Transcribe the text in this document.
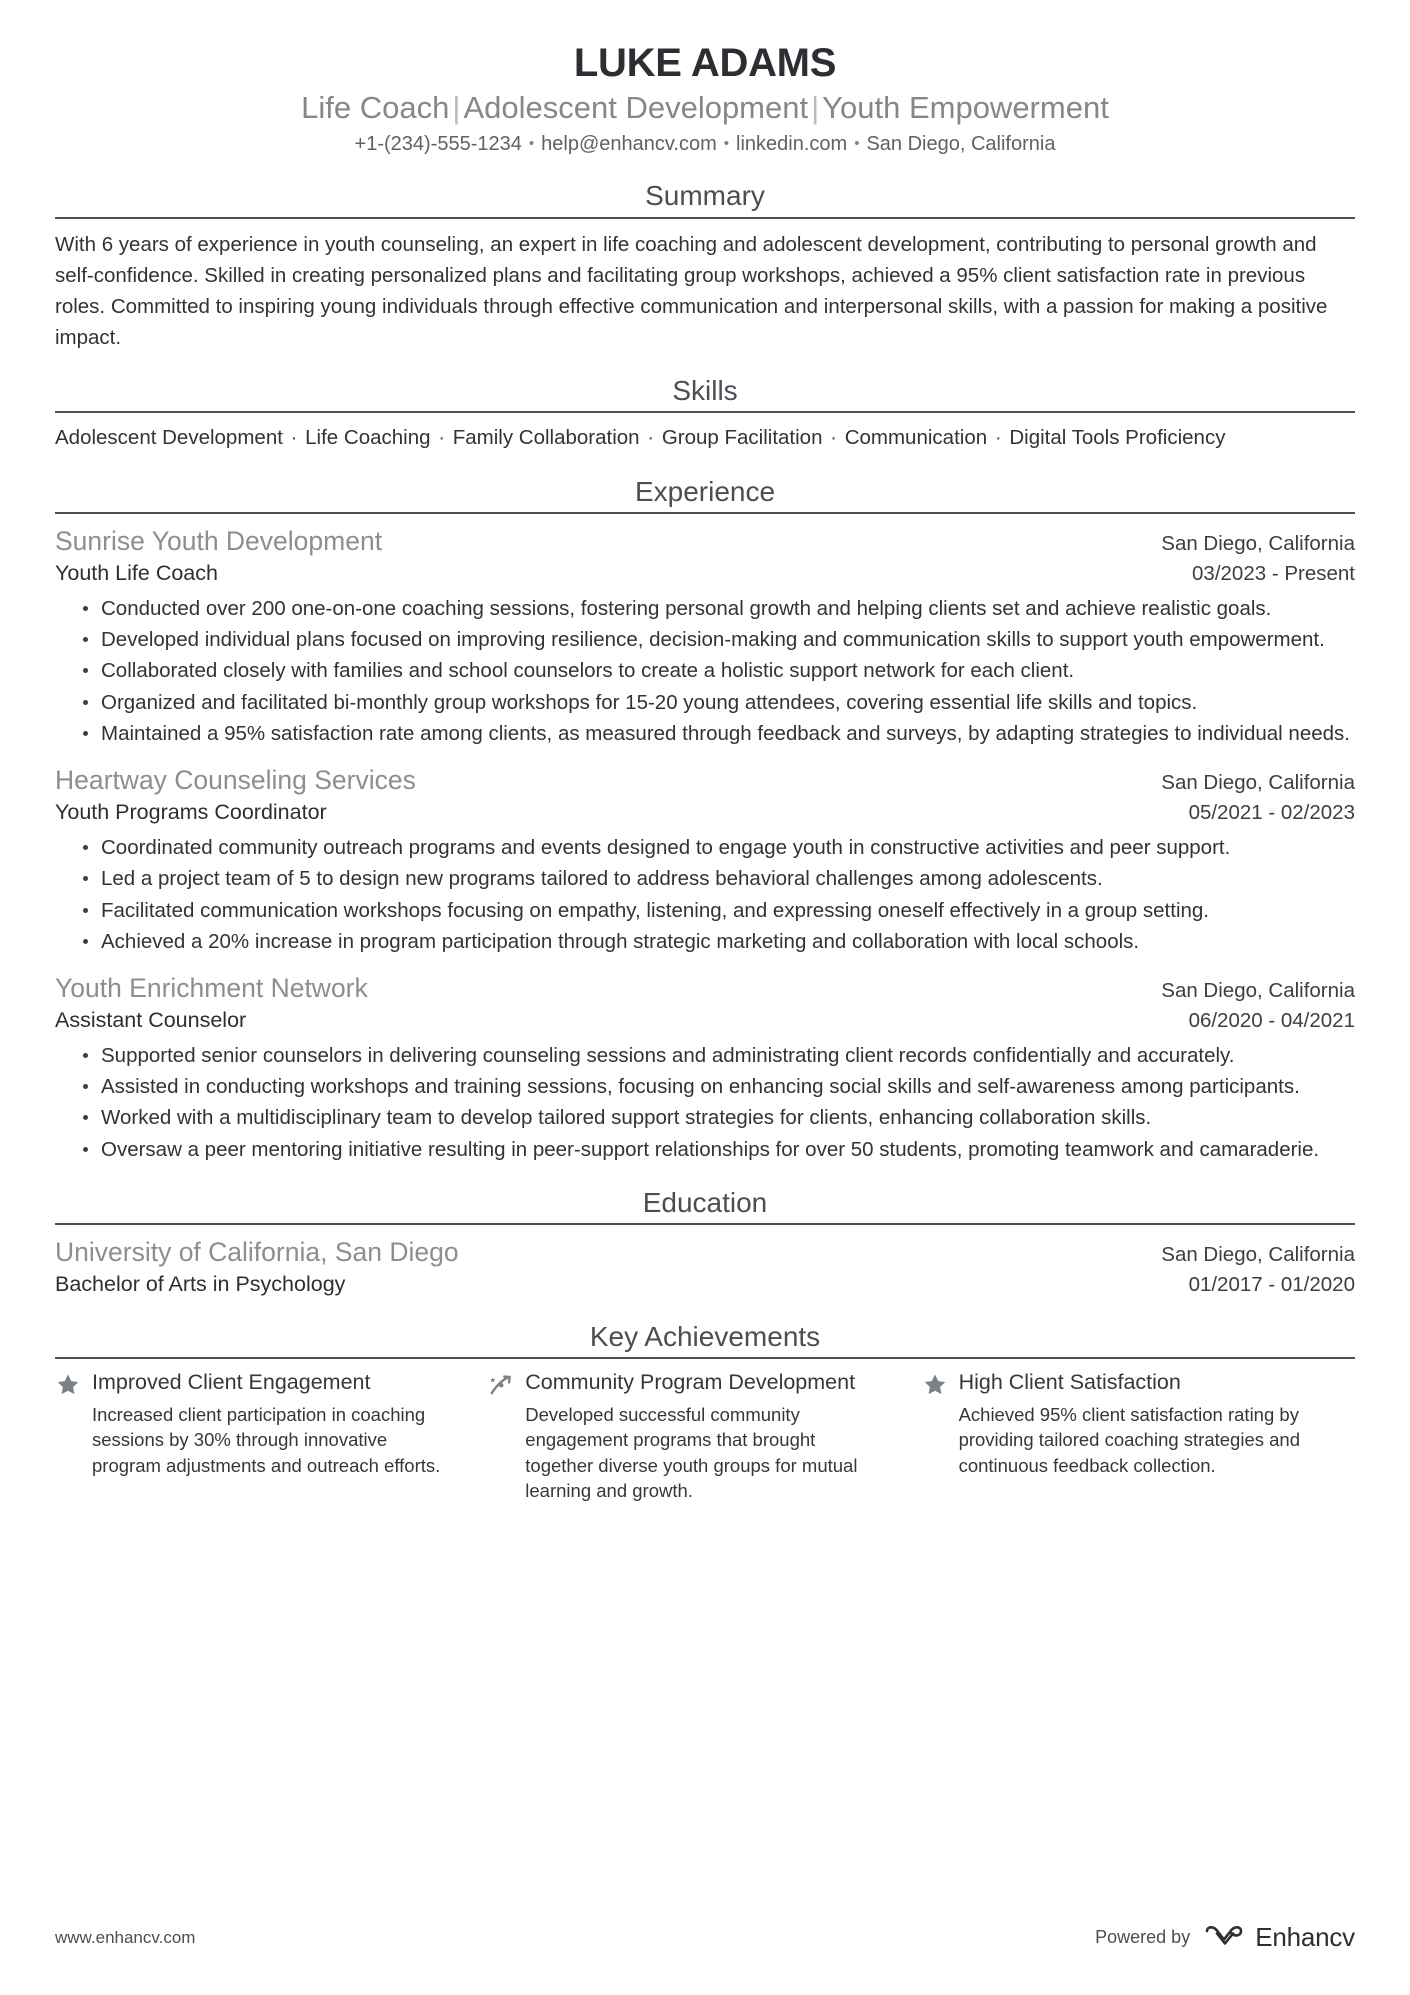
LUKE ADAMS
Life Coach|Adolescent Development|Youth Empowerment
+1-(234)-555-1234 • help@enhancv.com • linkedin.com • San Diego, California
Summary
With 6 years of experience in youth counseling, an expert in life coaching and adolescent development, contributing to personal growth and self-confidence. Skilled in creating personalized plans and facilitating group workshops, achieved a 95% client satisfaction rate in previous roles. Committed to inspiring young individuals through effective communication and interpersonal skills, with a passion for making a positive impact.
Skills
Adolescent Development · Life Coaching · Family Collaboration · Group Facilitation · Communication · Digital Tools Proficiency
Experience
Sunrise Youth Development	San Diego, California
Youth Life Coach	03/2023 - Present
Conducted over 200 one-on-one coaching sessions, fostering personal growth and helping clients set and achieve realistic goals.
Developed individual plans focused on improving resilience, decision-making and communication skills to support youth empowerment.
Collaborated closely with families and school counselors to create a holistic support network for each client.
Organized and facilitated bi-monthly group workshops for 15-20 young attendees, covering essential life skills and topics.
Maintained a 95% satisfaction rate among clients, as measured through feedback and surveys, by adapting strategies to individual needs.
Heartway Counseling Services	San Diego, California
Youth Programs Coordinator	05/2021 - 02/2023
Coordinated community outreach programs and events designed to engage youth in constructive activities and peer support.
Led a project team of 5 to design new programs tailored to address behavioral challenges among adolescents.
Facilitated communication workshops focusing on empathy, listening, and expressing oneself effectively in a group setting.
Achieved a 20% increase in program participation through strategic marketing and collaboration with local schools.
Youth Enrichment Network	San Diego, California
Assistant Counselor	06/2020 - 04/2021
Supported senior counselors in delivering counseling sessions and administrating client records confidentially and accurately.
Assisted in conducting workshops and training sessions, focusing on enhancing social skills and self-awareness among participants.
Worked with a multidisciplinary team to develop tailored support strategies for clients, enhancing collaboration skills.
Oversaw a peer mentoring initiative resulting in peer-support relationships for over 50 students, promoting teamwork and camaraderie.
Education
University of California, San Diego	San Diego, California
Bachelor of Arts in Psychology	01/2017 - 01/2020
Key Achievements
Improved Client Engagement
Increased client participation in coaching sessions by 30% through innovative program adjustments and outreach efforts.
Community Program Development
Developed successful community engagement programs that brought together diverse youth groups for mutual learning and growth.
High Client Satisfaction
Achieved 95% client satisfaction rating by providing tailored coaching strategies and continuous feedback collection.
www.enhancv.com	Powered by	Enhancv
